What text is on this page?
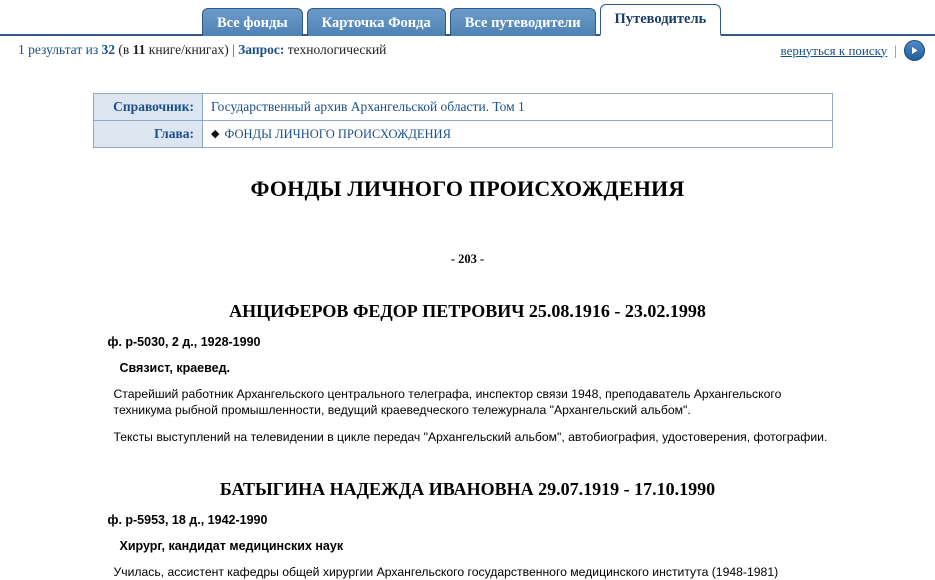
Все фонды	Карточка Фонда	Все путеводители	Путеводитель
1 результат из 32 (в 11 книге/книгах) | Запрос: технологический	вернуться к поиску |
Справочник:	Государственный архив Архангельской области. Том 1
Глава:	◆ ФОНДЫ ЛИЧНОГО ПРОИСХОЖДЕНИЯ
ФОНДЫ ЛИЧНОГО ПРОИСХОЖДЕНИЯ
- 203 -
АНЦИФЕРОВ ФЕДОР ПЕТРОВИЧ 25.08.1916 - 23.02.1998
ф. р-5030, 2 д., 1928-1990
Связист, краевед.
Старейший работник Архангельского центрального телеграфа, инспектор связи 1948, преподаватель Архангельского техникума рыбной промышленности, ведущий краеведческого тележурнала "Архангельский альбом".
Тексты выступлений на телевидении в цикле передач "Архангельский альбом", автобиография, удостоверения, фотографии.
БАТЫГИНА НАДЕЖДА ИВАНОВНА 29.07.1919 - 17.10.1990
ф. р-5953, 18 д., 1942-1990
Хирург, кандидат медицинских наук
Училась, ассистент кафедры общей хирургии Архангельского государственного медицинского института (1948-1981)
